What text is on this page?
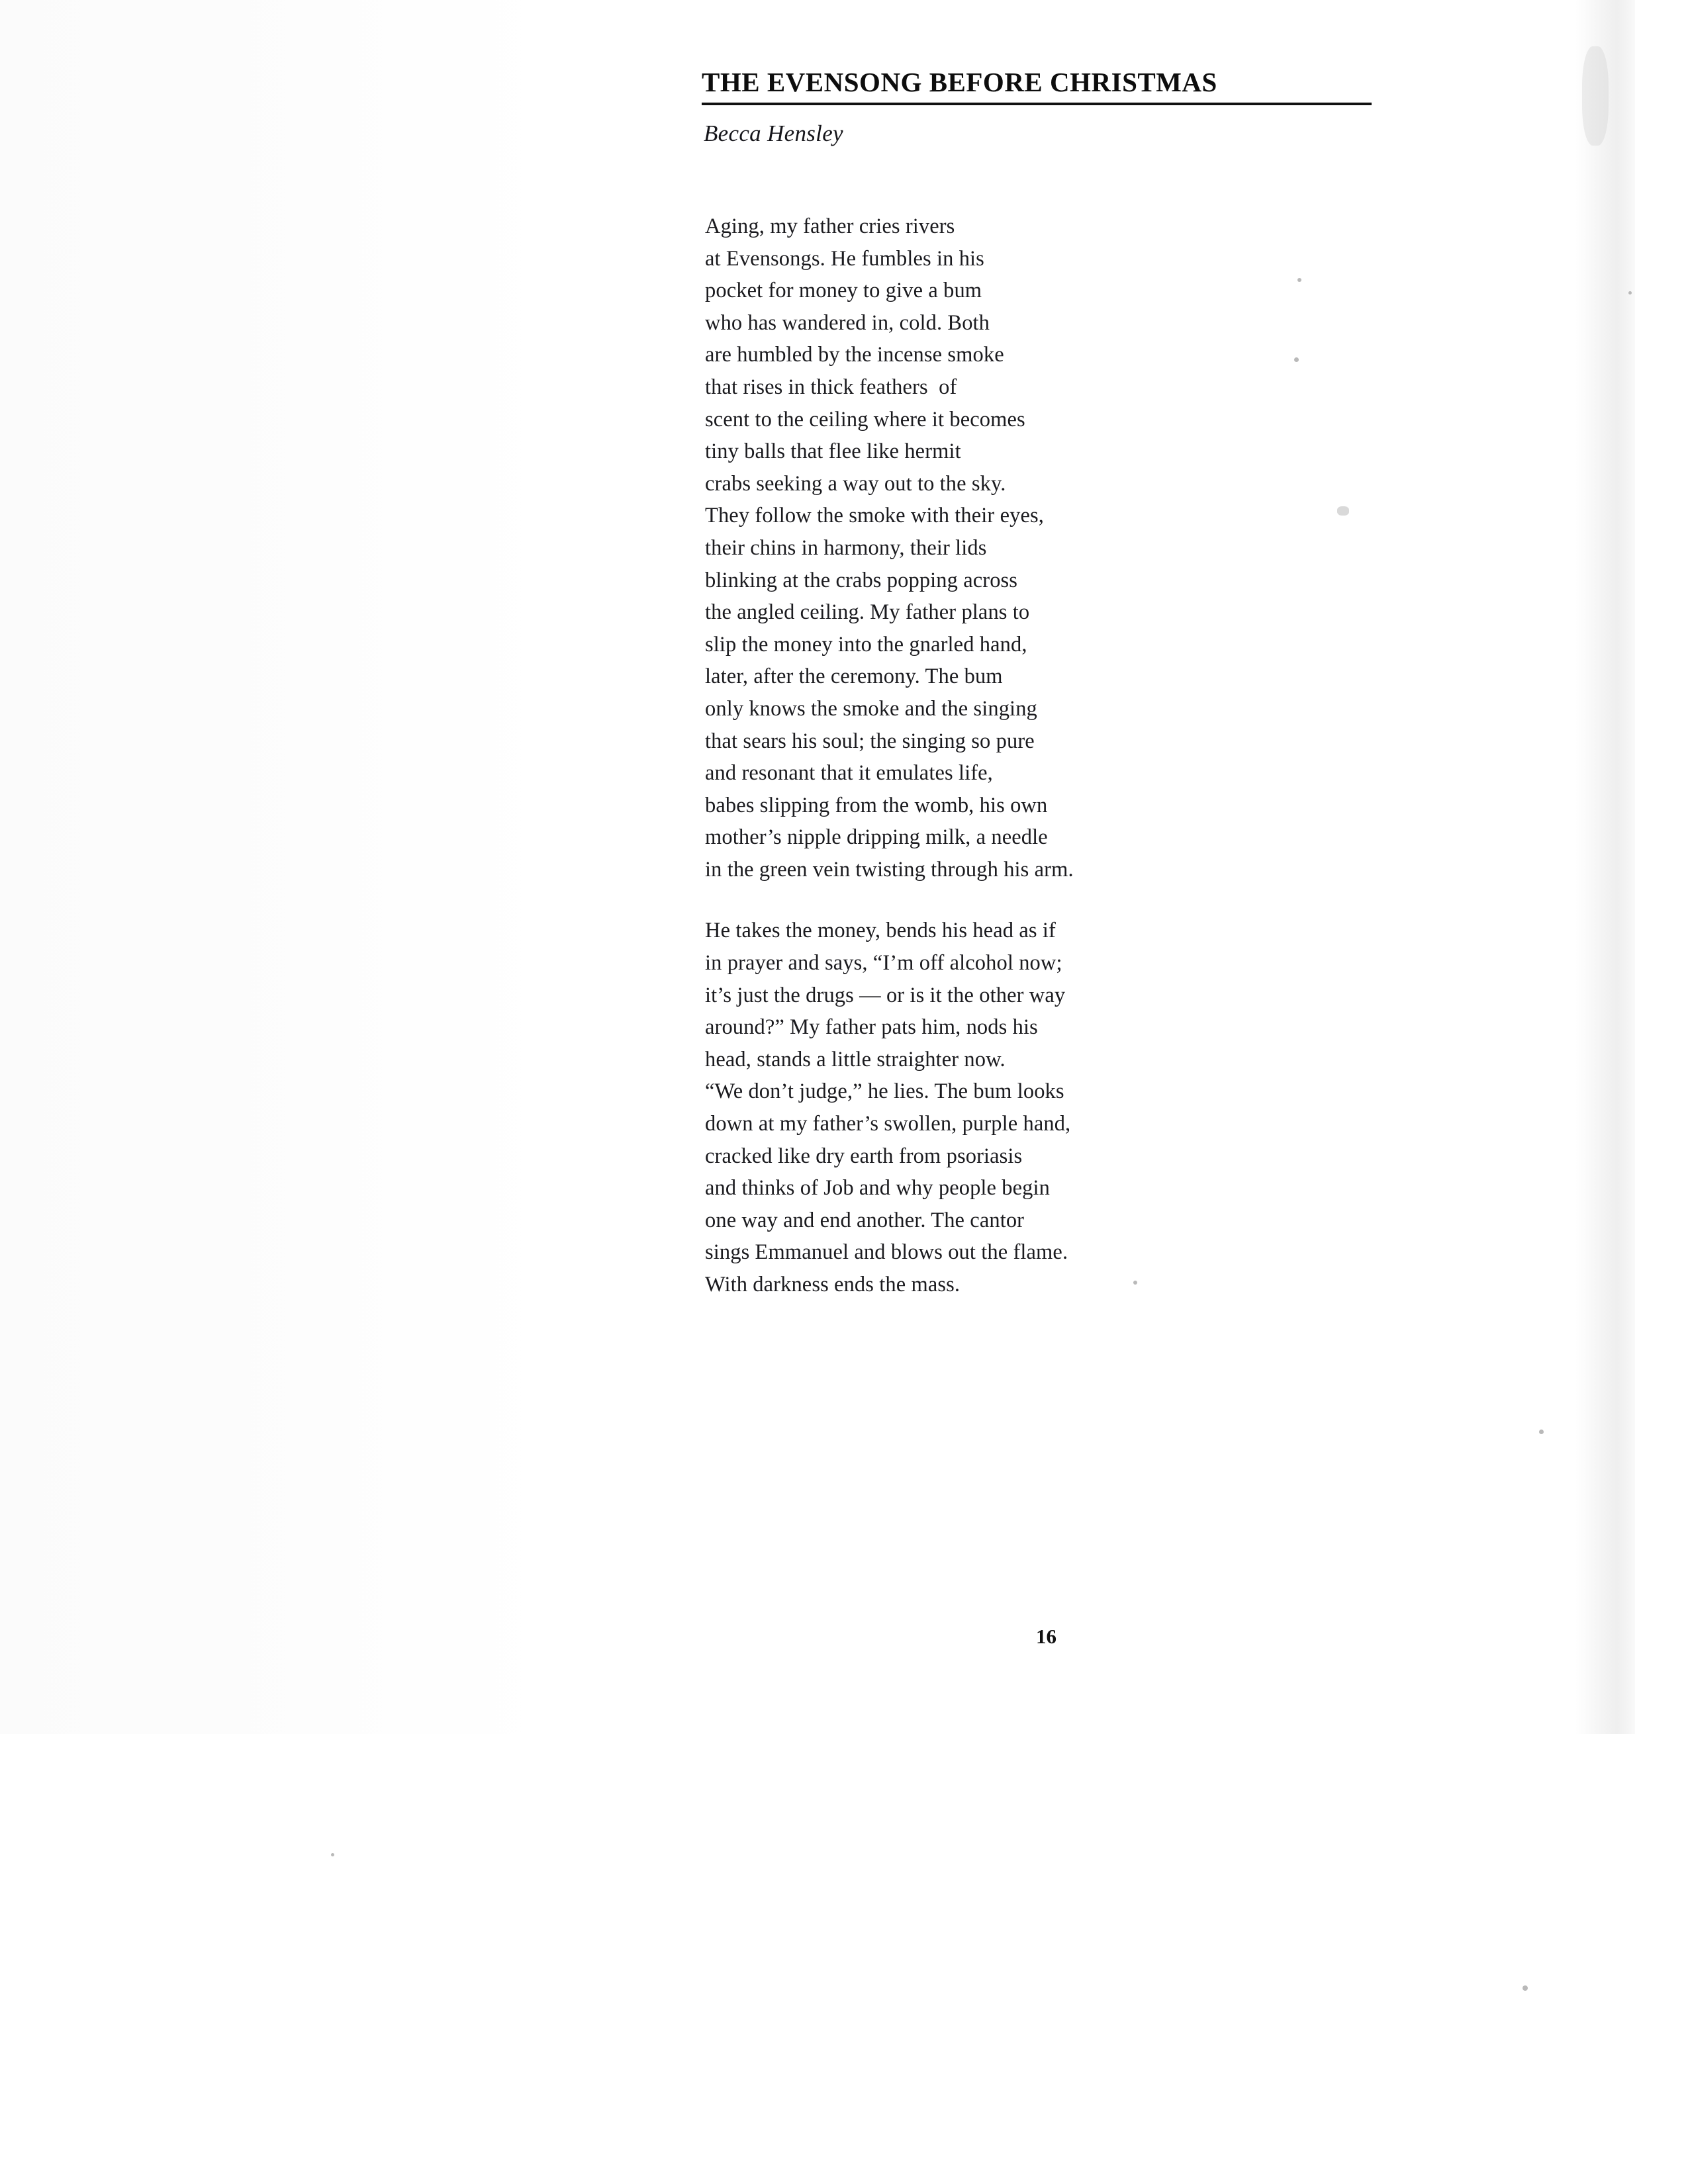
THE EVENSONG BEFORE CHRISTMAS
Becca Hensley
Aging, my father cries rivers
at Evensongs. He fumbles in his
pocket for money to give a bum
who has wandered in, cold. Both
are humbled by the incense smoke
that rises in thick feathers  of
scent to the ceiling where it becomes
tiny balls that flee like hermit
crabs seeking a way out to the sky.
They follow the smoke with their eyes,
their chins in harmony, their lids
blinking at the crabs popping across
the angled ceiling. My father plans to
slip the money into the gnarled hand,
later, after the ceremony. The bum
only knows the smoke and the singing
that sears his soul; the singing so pure
and resonant that it emulates life,
babes slipping from the womb, his own
mother’s nipple dripping milk, a needle
in the green vein twisting through his arm.
He takes the money, bends his head as if
in prayer and says, “I’m off alcohol now;
it’s just the drugs — or is it the other way
around?” My father pats him, nods his
head, stands a little straighter now.
“We don’t judge,” he lies. The bum looks
down at my father’s swollen, purple hand,
cracked like dry earth from psoriasis
and thinks of Job and why people begin
one way and end another. The cantor
sings Emmanuel and blows out the flame.
With darkness ends the mass.
16
